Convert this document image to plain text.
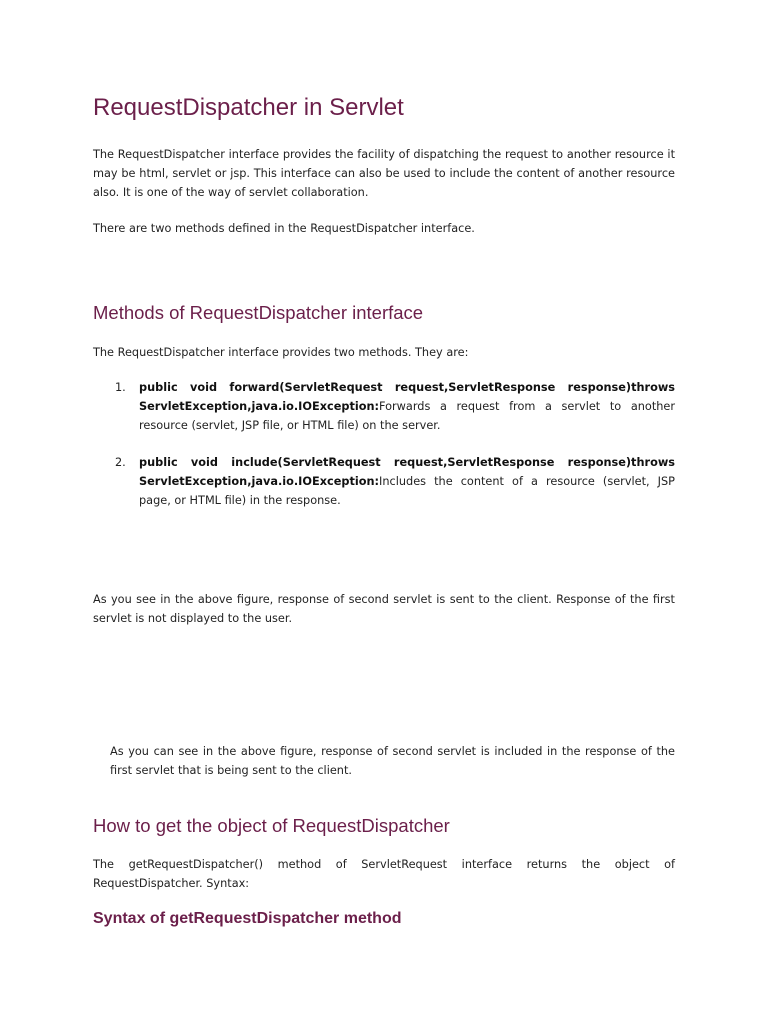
RequestDispatcher in Servlet

The RequestDispatcher interface provides the facility of dispatching the request to another resource it may be html, servlet or jsp. This interface can also be used to include the content of another resource also. It is one of the way of servlet collaboration.

There are two methods defined in the RequestDispatcher interface.

Methods of RequestDispatcher interface

The RequestDispatcher interface provides two methods. They are:

1. public void forward(ServletRequest request,ServletResponse response)throws ServletException,java.io.IOException:Forwards a request from a servlet to another resource (servlet, JSP file, or HTML file) on the server.

2. public void include(ServletRequest request,ServletResponse response)throws ServletException,java.io.IOException:Includes the content of a resource (servlet, JSP page, or HTML file) in the response.

As you see in the above figure, response of second servlet is sent to the client. Response of the first servlet is not displayed to the user.

As you can see in the above figure, response of second servlet is included in the response of the first servlet that is being sent to the client.

How to get the object of RequestDispatcher

The getRequestDispatcher() method of ServletRequest interface returns the object of RequestDispatcher. Syntax:

Syntax of getRequestDispatcher method
